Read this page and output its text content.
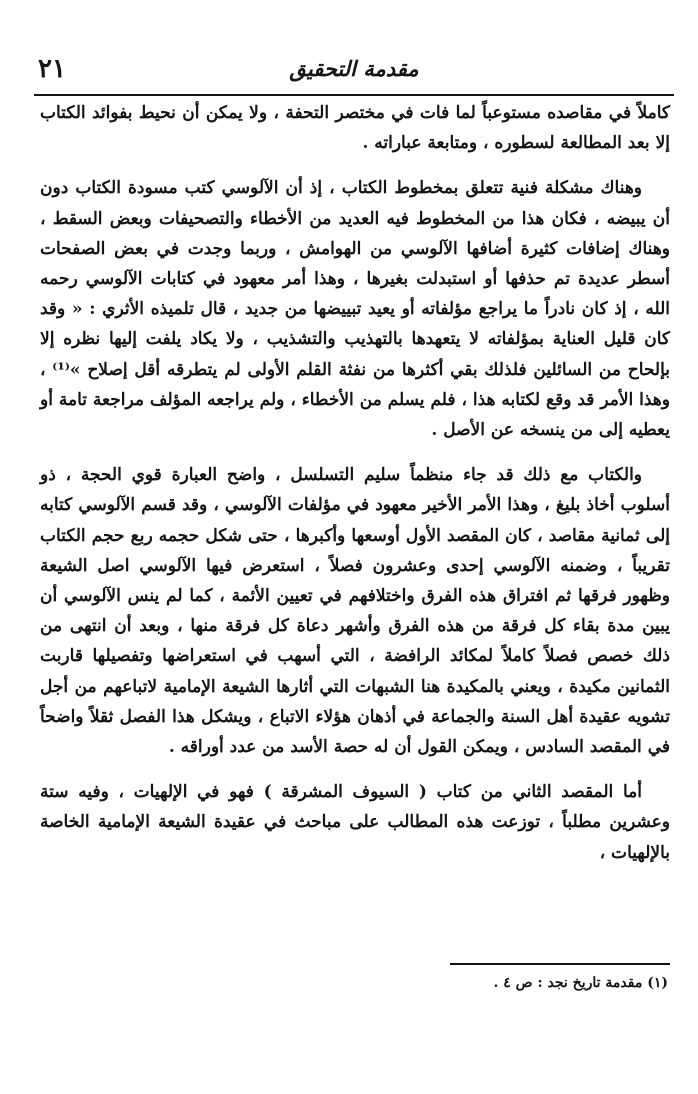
مقدمة التحقيق
٢١

كاملاً في مقاصده مستوعباً لما فات في مختصر التحفة ، ولا يمكن أن نحيط بفوائد الكتاب إلا بعد المطالعة لسطوره ، ومتابعة عباراته .

وهناك مشكلة فنية تتعلق بمخطوط الكتاب ، إذ أن الآلوسي كتب مسودة الكتاب دون أن يبيضه ، فكان هذا من المخطوط فيه العديد من الأخطاء والتصحيفات وبعض السقط ، وهناك إضافات كثيرة أضافها الآلوسي من الهوامش ، وربما وجدت في بعض الصفحات أسطر عديدة تم حذفها أو استبدلت بغيرها ، وهذا أمر معهود في كتابات الآلوسي رحمه الله ، إذ كان نادراً ما يراجع مؤلفاته أو يعيد تبييضها من جديد ، قال تلميذه الأثري : « وقد كان قليل العناية بمؤلفاته لا يتعهدها بالتهذيب والتشذيب ، ولا يكاد يلفت إليها نظره إلا بإلحاح من السائلين فلذلك بقي أكثرها من نفثة القلم الأولى لم يتطرقه أقل إصلاح »⁽¹⁾ ، وهذا الأمر قد وقع لكتابه هذا ، فلم يسلم من الأخطاء ، ولم يراجعه المؤلف مراجعة تامة أو يعطيه إلى من ينسخه عن الأصل .

والكتاب مع ذلك قد جاء منظماً سليم التسلسل ، واضح العبارة قوي الحجة ، ذو أسلوب أخاذ بليغ ، وهذا الأمر الأخير معهود في مؤلفات الآلوسي ، وقد قسم الآلوسي كتابه إلى ثمانية مقاصد ، كان المقصد الأول أوسعها وأكبرها ، حتى شكل حجمه ربع حجم الكتاب تقريباً ، وضمنه الآلوسي إحدى وعشرون فصلاً ، استعرض فيها الآلوسي اصل الشيعة وظهور فرقها ثم افتراق هذه الفرق واختلافهم في تعيين الأئمة ، كما لم ينس الآلوسي أن يبين مدة بقاء كل فرقة من هذه الفرق وأشهر دعاة كل فرقة منها ، وبعد أن انتهى من ذلك خصص فصلاً كاملاً لمكائد الرافضة ، التي أسهب في استعراضها وتفصيلها قاربت الثمانين مكيدة ، ويعني بالمكيدة هنا الشبهات التي أثارها الشيعة الإمامية لاتباعهم من أجل تشويه عقيدة أهل السنة والجماعة في أذهان هؤلاء الاتباع ، ويشكل هذا الفصل ثقلاً واضحاً في المقصد السادس ، ويمكن القول أن له حصة الأسد من عدد أوراقه .

أما المقصد الثاني من كتاب ( السيوف المشرقة ) فهو في الإلهيات ، وفيه ستة وعشرين مطلباً ، توزعت هذه المطالب على مباحث في عقيدة الشيعة الإمامية الخاصة بالإلهيات ،

(١) مقدمة تاريخ نجد : ص ٤ .
